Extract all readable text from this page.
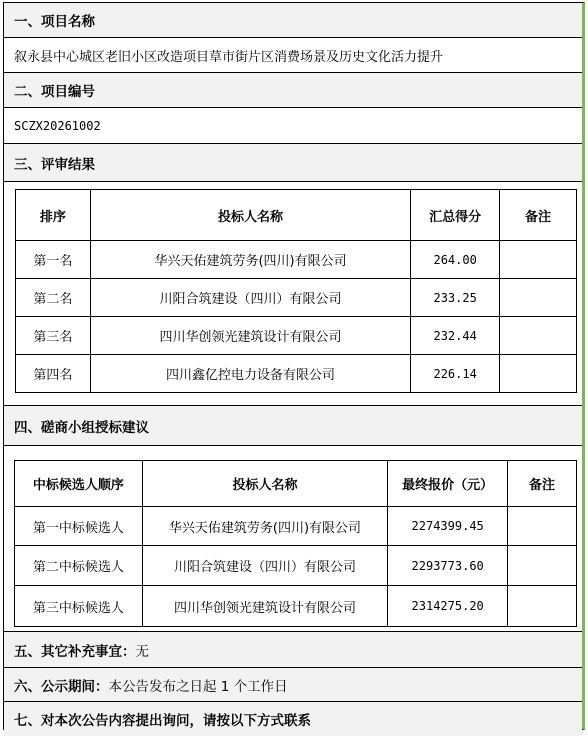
一、项目名称
叙永县中心城区老旧小区改造项目草市街片区消费场景及历史文化活力提升
二、项目编号
SCZX20261002
三、评审结果
排序	投标人名称	汇总得分	备注
第一名	华兴天佑建筑劳务(四川)有限公司	264.00	
第二名	川阳合筑建设（四川）有限公司	233.25	
第三名	四川华创领光建筑设计有限公司	232.44	
第四名	四川鑫亿控电力设备有限公司	226.14	
四、磋商小组授标建议
中标候选人顺序	投标人名称	最终报价（元）	备注
第一中标候选人	华兴天佑建筑劳务(四川)有限公司	2274399.45	
第二中标候选人	川阳合筑建设（四川）有限公司	2293773.60	
第三中标候选人	四川华创领光建筑设计有限公司	2314275.20	
五、其它补充事宜： 无
六、公示期间： 本公告发布之日起 1 个工作日
七、对本次公告内容提出询问，请按以下方式联系
